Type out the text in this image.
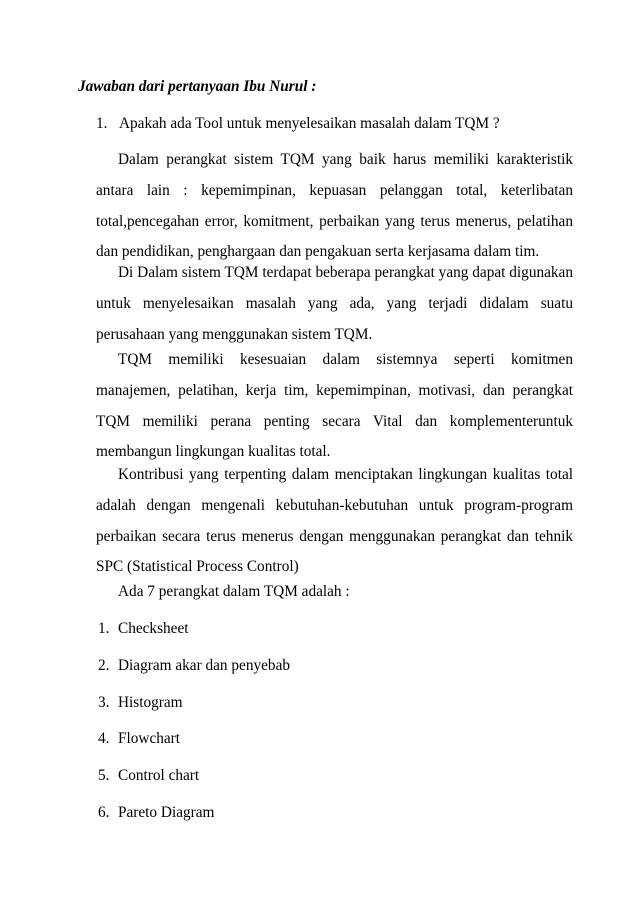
Jawaban dari pertanyaan Ibu Nurul :
1. Apakah ada Tool untuk menyelesaikan masalah dalam TQM ?

Dalam perangkat sistem TQM yang baik harus memiliki karakteristik antara lain : kepemimpinan, kepuasan pelanggan total, keterlibatan total,pencegahan error, komitment, perbaikan yang terus menerus, pelatihan dan pendidikan, penghargaan dan pengakuan serta kerjasama dalam tim.

Di Dalam sistem TQM terdapat beberapa perangkat yang dapat digunakan untuk menyelesaikan masalah yang ada, yang terjadi didalam suatu perusahaan yang menggunakan sistem TQM.

TQM memiliki kesesuaian dalam sistemnya seperti komitmen manajemen, pelatihan, kerja tim, kepemimpinan, motivasi, dan perangkat TQM memiliki perana penting secara Vital dan komplementeruntuk membangun lingkungan kualitas total.

Kontribusi yang terpenting dalam menciptakan lingkungan kualitas total adalah dengan mengenali kebutuhan-kebutuhan untuk program-program perbaikan secara terus menerus dengan menggunakan perangkat dan tehnik SPC (Statistical Process Control)

Ada 7 perangkat dalam TQM adalah :
1. Checksheet
2. Diagram akar dan penyebab
3. Histogram
4. Flowchart
5. Control chart
6. Pareto Diagram
